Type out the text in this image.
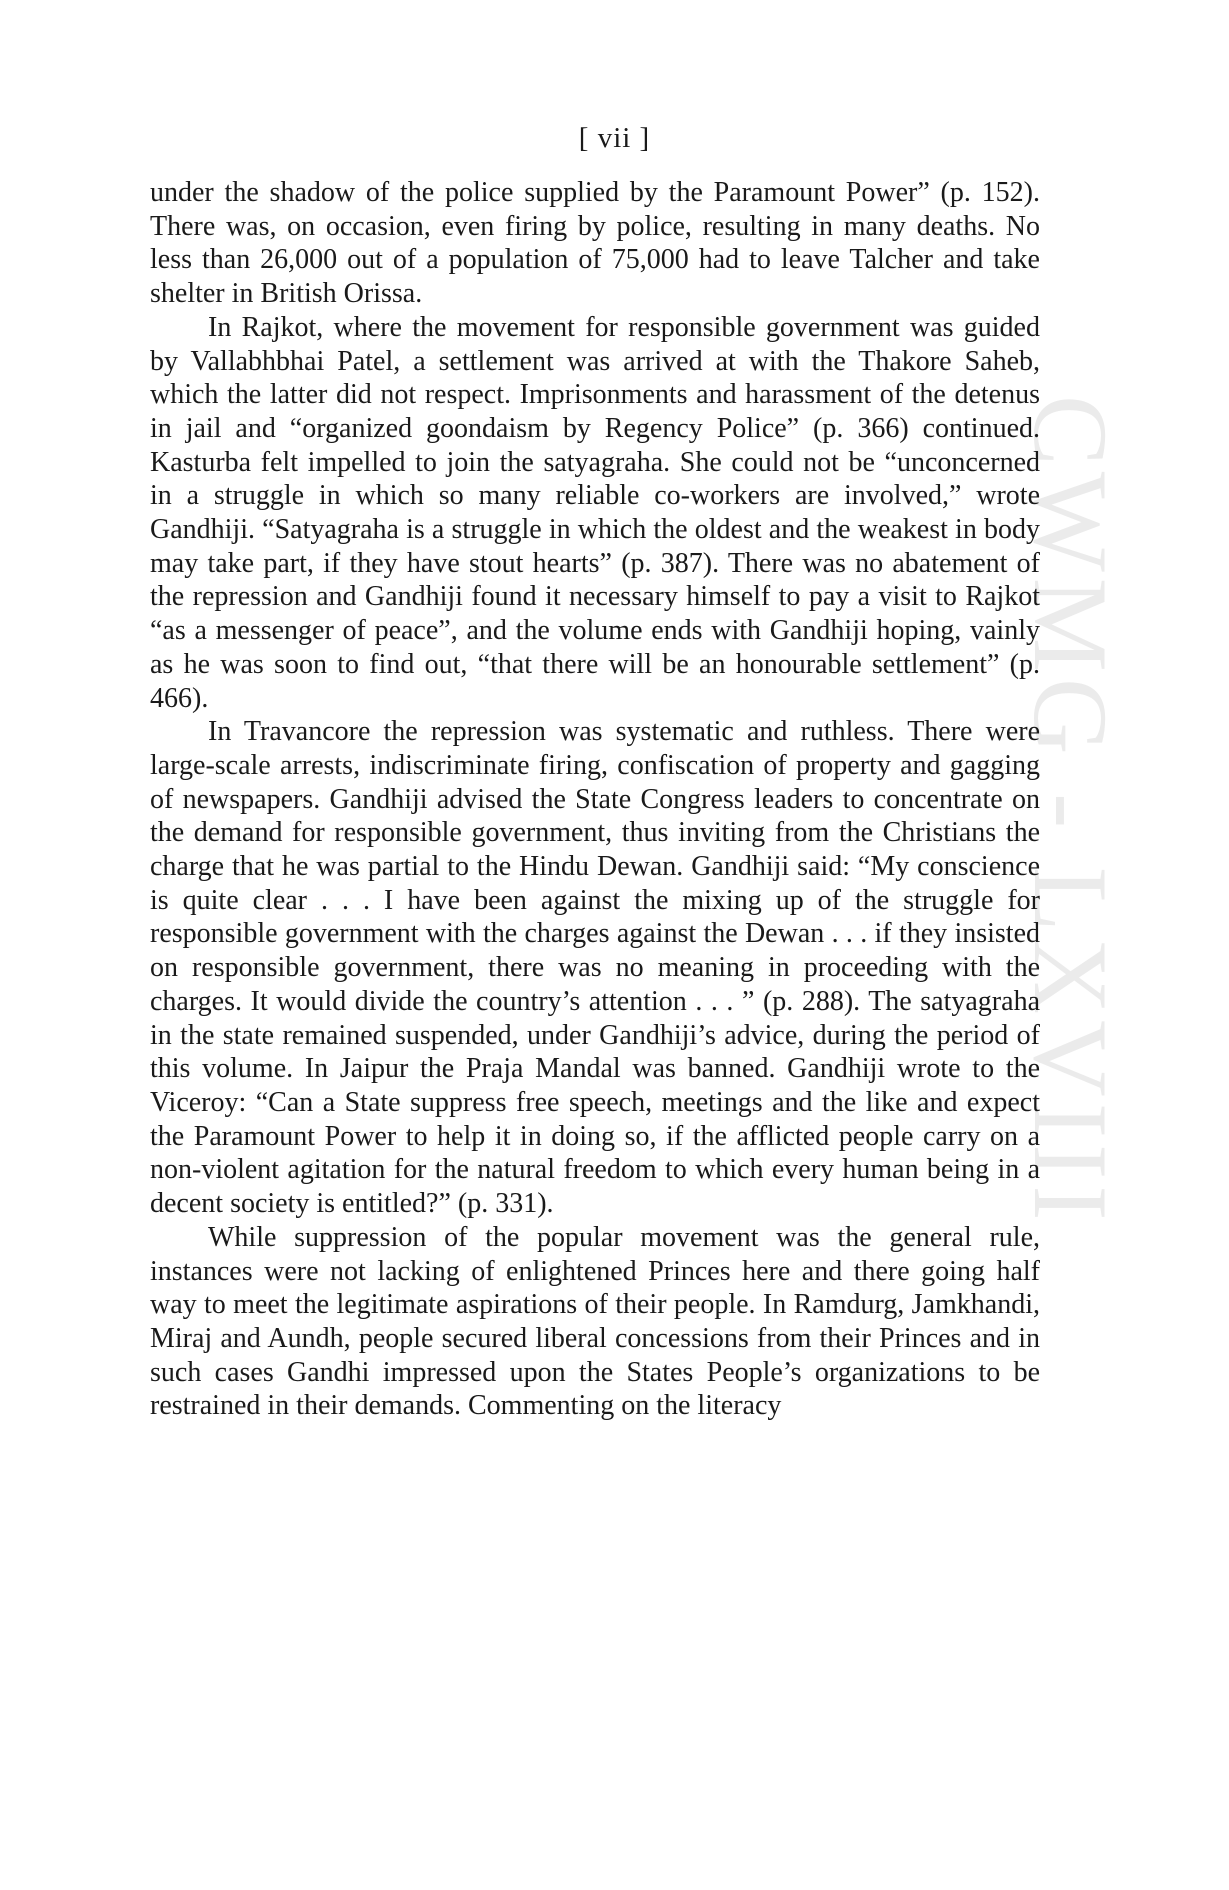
[ vii ]
CWMG - LXVIII

under the shadow of the police supplied by the Paramount Power” (p. 152). There was, on occasion, even firing by police, resulting in many deaths. No less than 26,000 out of a population of 75,000 had to leave Talcher and take shelter in British Orissa.

In Rajkot, where the movement for responsible government was guided by Vallabhbhai Patel, a settlement was arrived at with the Thakore Saheb, which the latter did not respect. Imprisonments and harassment of the detenus in jail and “organized goondaism by Regency Police” (p. 366) continued. Kasturba felt impelled to join the satyagraha. She could not be “unconcerned in a struggle in which so many reliable co-workers are involved,” wrote Gandhiji. “Satyagraha is a struggle in which the oldest and the weakest in body may take part, if they have stout hearts” (p. 387). There was no abatement of the repression and Gandhiji found it necessary himself to pay a visit to Rajkot “as a messenger of peace”, and the volume ends with Gandhiji hoping, vainly as he was soon to find out, “that there will be an honourable settlement” (p. 466).

In Travancore the repression was systematic and ruthless. There were large-scale arrests, indiscriminate firing, confiscation of property and gagging of newspapers. Gandhiji advised the State Congress leaders to concentrate on the demand for responsible government, thus inviting from the Christians the charge that he was partial to the Hindu Dewan. Gandhiji said: “My conscience is quite clear . . . I have been against the mixing up of the struggle for responsible government with the charges against the Dewan . . . if they insisted on responsible government, there was no meaning in proceeding with the charges. It would divide the country’s attention . . . ” (p. 288). The satyagraha in the state remained suspended, under Gandhiji’s advice, during the period of this volume. In Jaipur the Praja Mandal was banned. Gandhiji wrote to the Viceroy: “Can a State suppress free speech, meetings and the like and expect the Paramount Power to help it in doing so, if the afflicted people carry on a non-violent agitation for the natural freedom to which every human being in a decent society is entitled?” (p. 331).

While suppression of the popular movement was the general rule, instances were not lacking of enlightened Princes here and there going half way to meet the legitimate aspirations of their people. In Ramdurg, Jamkhandi, Miraj and Aundh, people secured liberal concessions from their Princes and in such cases Gandhi impressed upon the States People’s organizations to be restrained in their demands. Commenting on the literacy
